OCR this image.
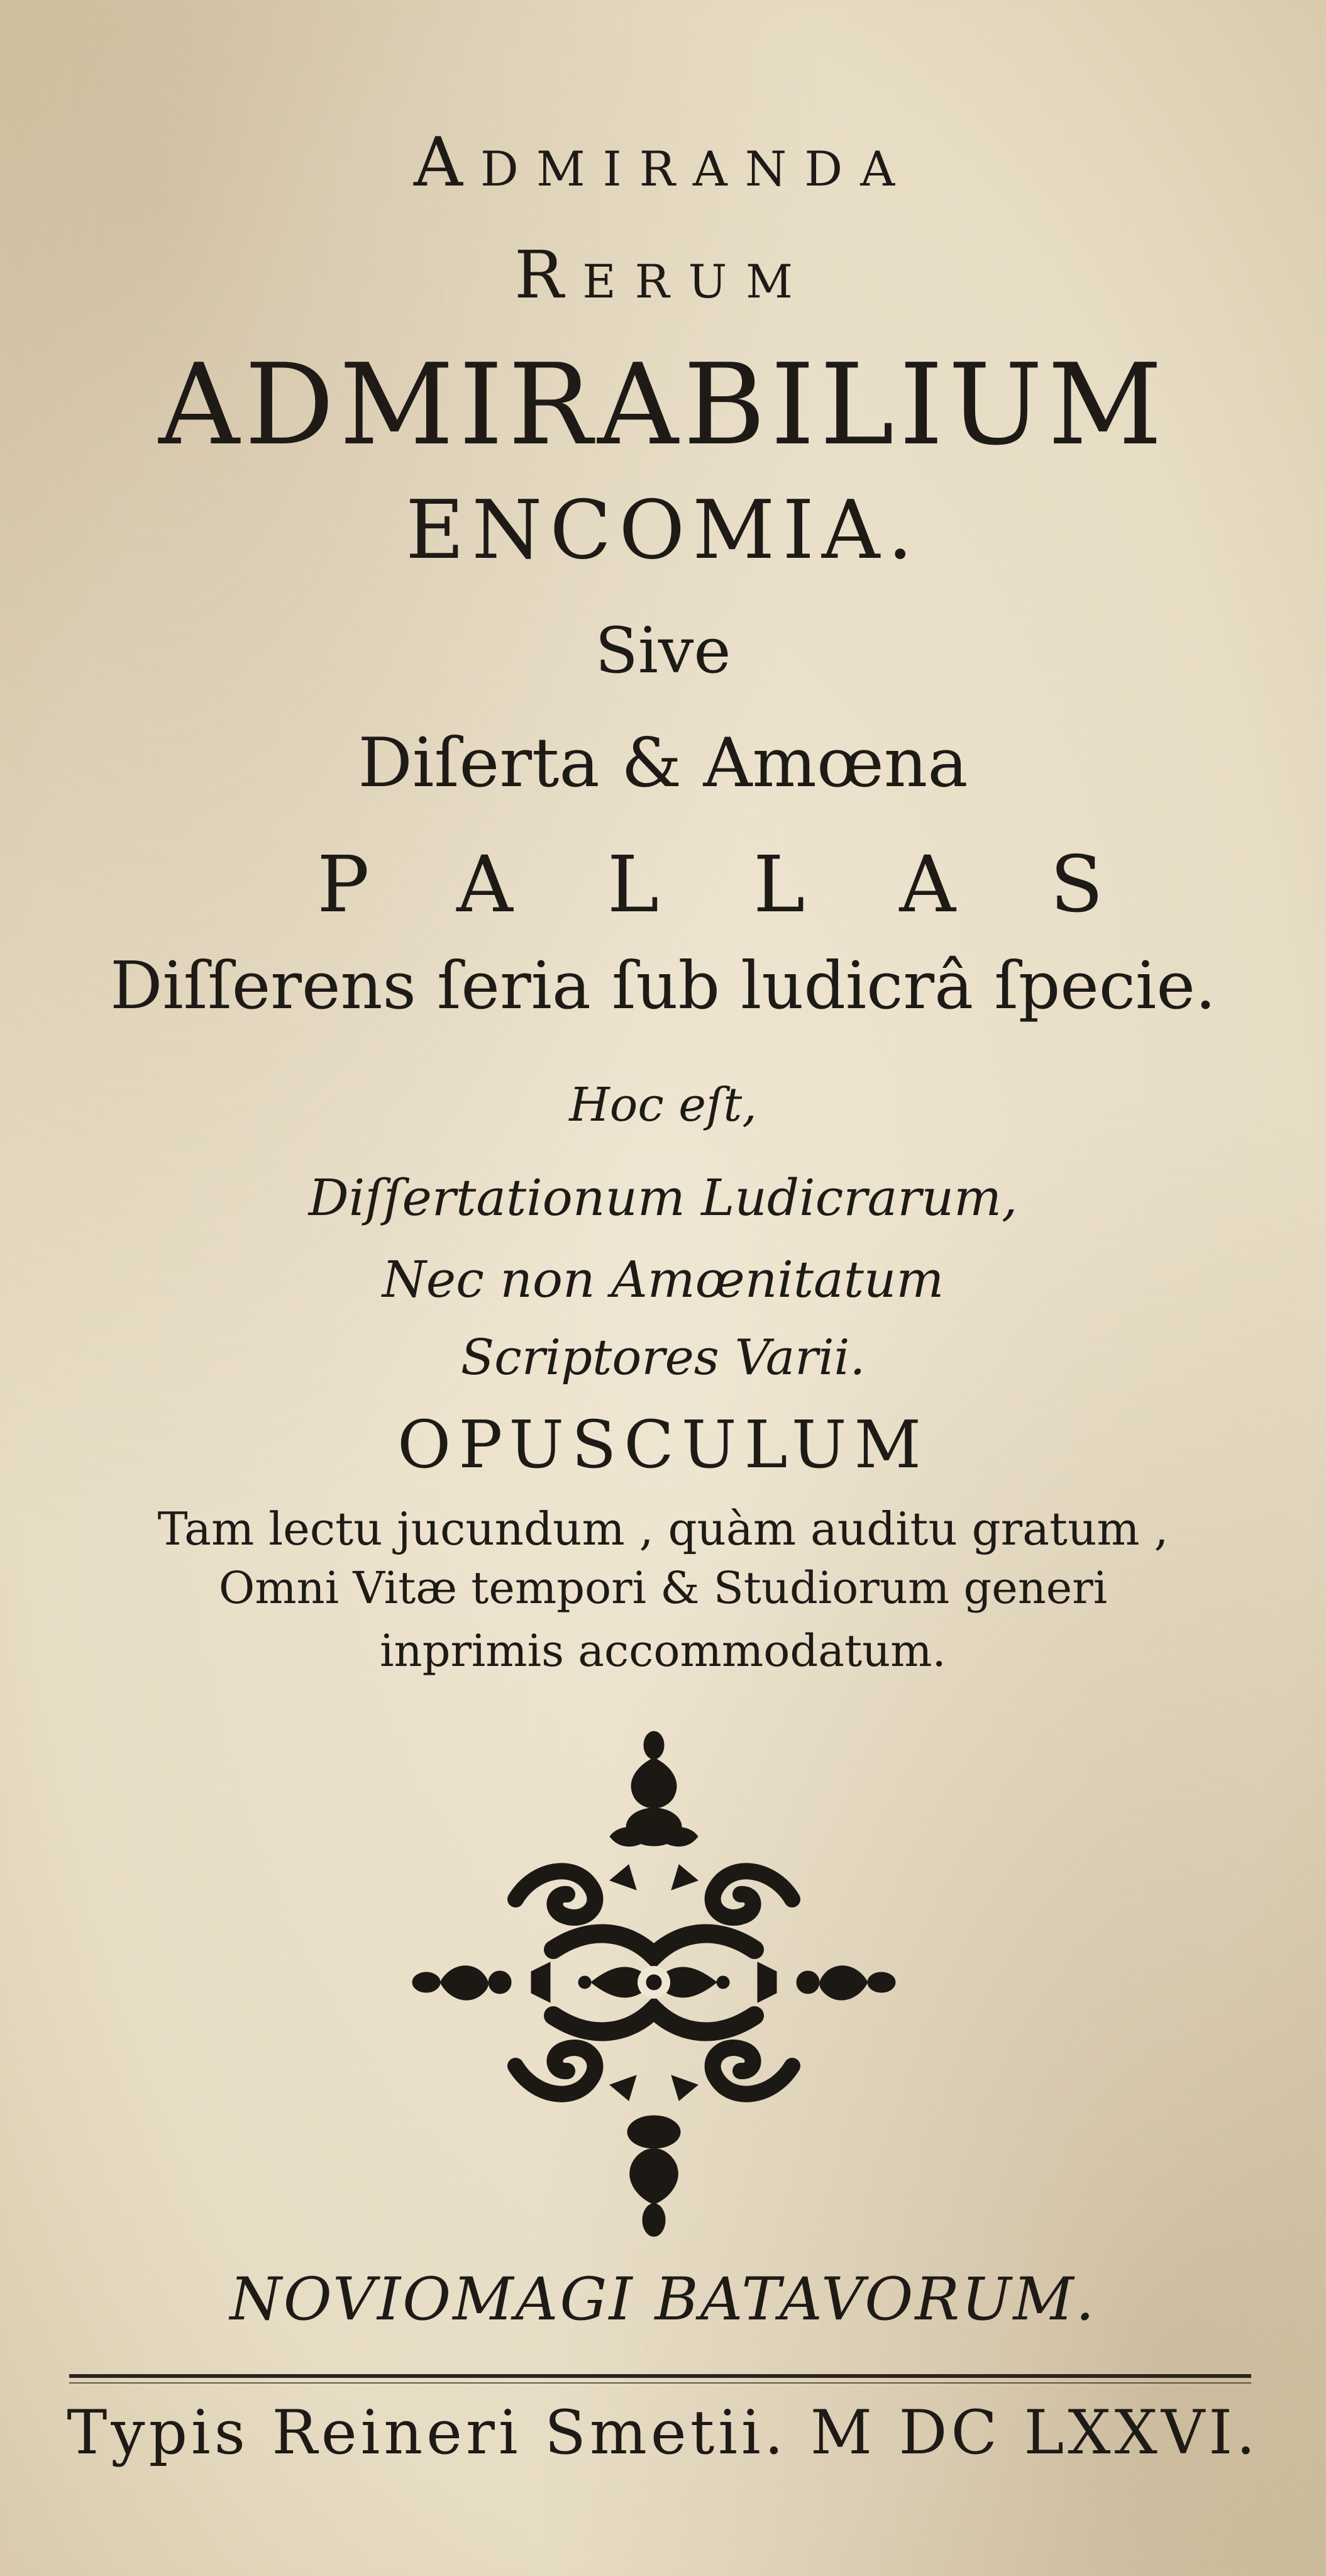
Admiranda
Rerum
ADMIRABILIUM
ENCOMIA.
Sive
Diſerta & Amœna
PALLAS
Diſſerens ſeria ſub ludicrâ ſpecie.
Hoc eſt,
Diſſertationum Ludicrarum,
Nec non Amœnitatum
Scriptores Varii.
OPUSCULUM
Tam lectu jucundum , quàm auditu gratum ,
Omni Vitæ tempori & Studiorum generi
inprimis accommodatum.
NOVIOMAGI BATAVORUM.
Typis Reineri Smetii. M DC LXXVI.
